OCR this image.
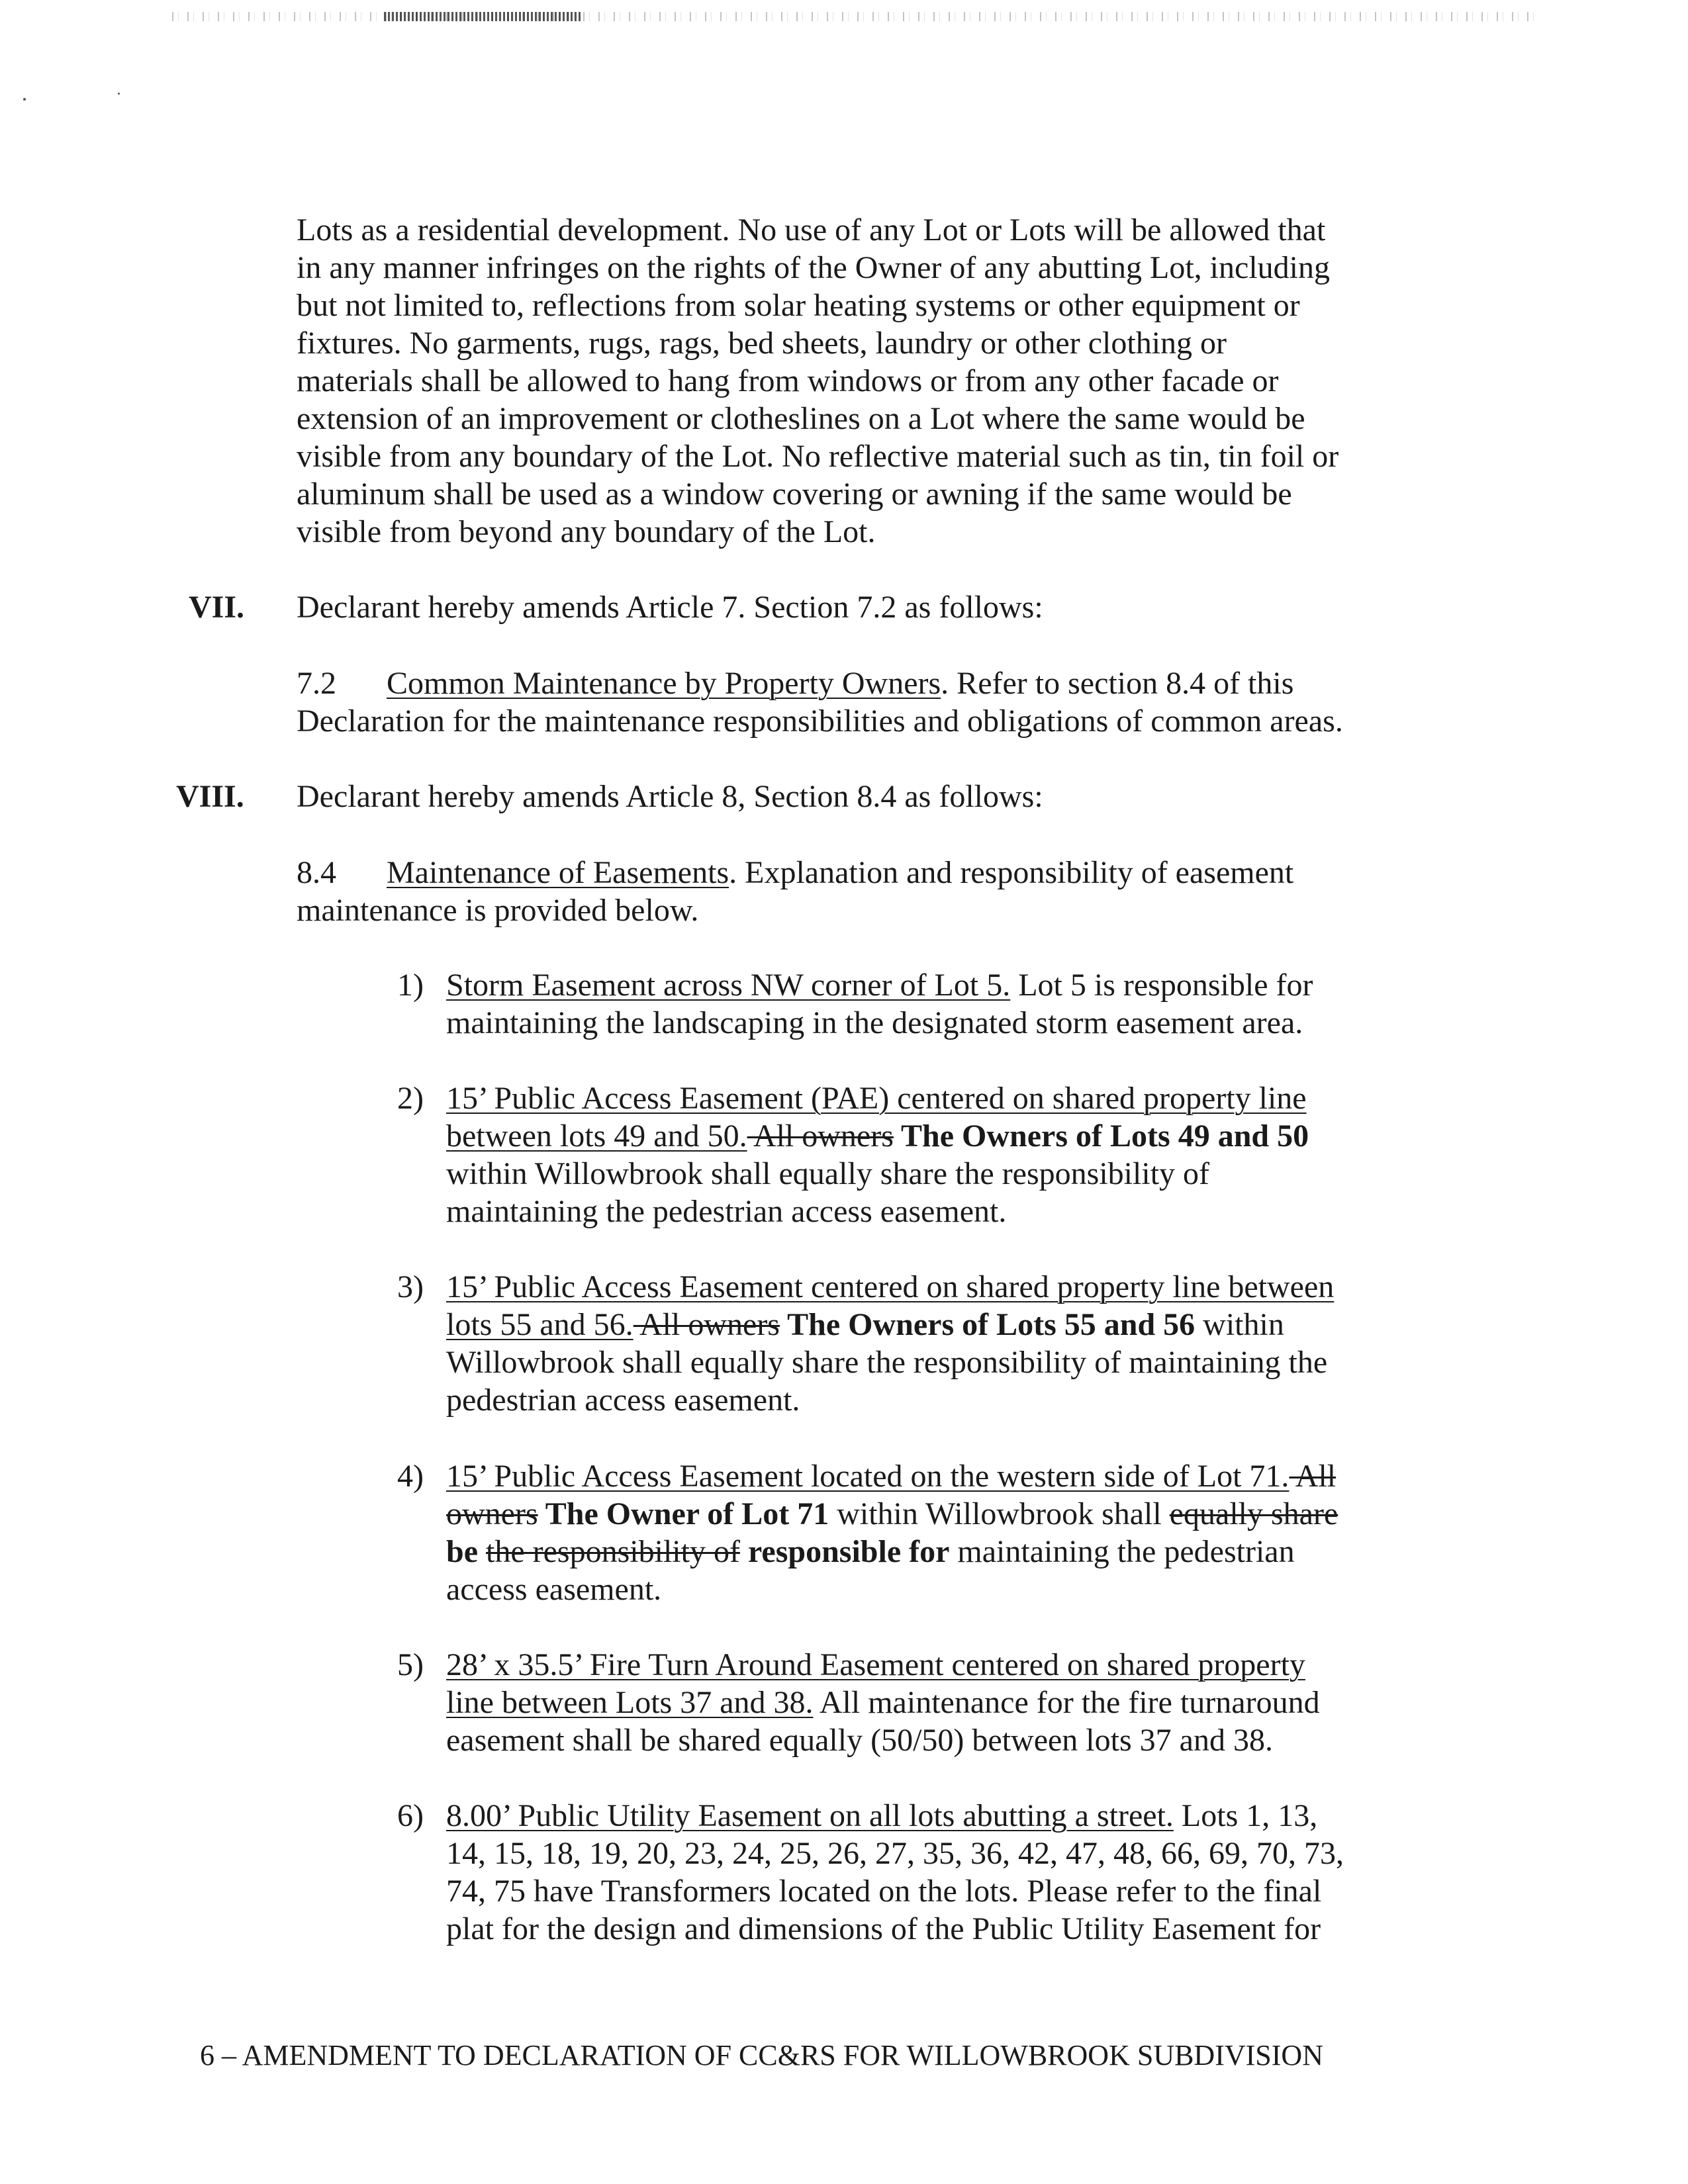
Lots as a residential development. No use of any Lot or Lots will be allowed that
in any manner infringes on the rights of the Owner of any abutting Lot, including
but not limited to, reflections from solar heating systems or other equipment or
fixtures. No garments, rugs, rags, bed sheets, laundry or other clothing or
materials shall be allowed to hang from windows or from any other facade or
extension of an improvement or clotheslines on a Lot where the same would be
visible from any boundary of the Lot. No reflective material such as tin, tin foil or
aluminum shall be used as a window covering or awning if the same would be
visible from beyond any boundary of the Lot.
VII. Declarant hereby amends Article 7. Section 7.2 as follows:
7.2 Common Maintenance by Property Owners. Refer to section 8.4 of this
Declaration for the maintenance responsibilities and obligations of common areas.
VIII. Declarant hereby amends Article 8, Section 8.4 as follows:
8.4 Maintenance of Easements. Explanation and responsibility of easement
maintenance is provided below.
1) Storm Easement across NW corner of Lot 5. Lot 5 is responsible for
maintaining the landscaping in the designated storm easement area.
2) 15’ Public Access Easement (PAE) centered on shared property line
between lots 49 and 50. All owners The Owners of Lots 49 and 50
within Willowbrook shall equally share the responsibility of
maintaining the pedestrian access easement.
3) 15’ Public Access Easement centered on shared property line between
lots 55 and 56. All owners The Owners of Lots 55 and 56 within
Willowbrook shall equally share the responsibility of maintaining the
pedestrian access easement.
4) 15’ Public Access Easement located on the western side of Lot 71. All
owners The Owner of Lot 71 within Willowbrook shall equally share
be the responsibility of responsible for maintaining the pedestrian
access easement.
5) 28’ x 35.5’ Fire Turn Around Easement centered on shared property
line between Lots 37 and 38. All maintenance for the fire turnaround
easement shall be shared equally (50/50) between lots 37 and 38.
6) 8.00’ Public Utility Easement on all lots abutting a street. Lots 1, 13,
14, 15, 18, 19, 20, 23, 24, 25, 26, 27, 35, 36, 42, 47, 48, 66, 69, 70, 73,
74, 75 have Transformers located on the lots. Please refer to the final
plat for the design and dimensions of the Public Utility Easement for
6 – AMENDMENT TO DECLARATION OF CC&RS FOR WILLOWBROOK SUBDIVISION
